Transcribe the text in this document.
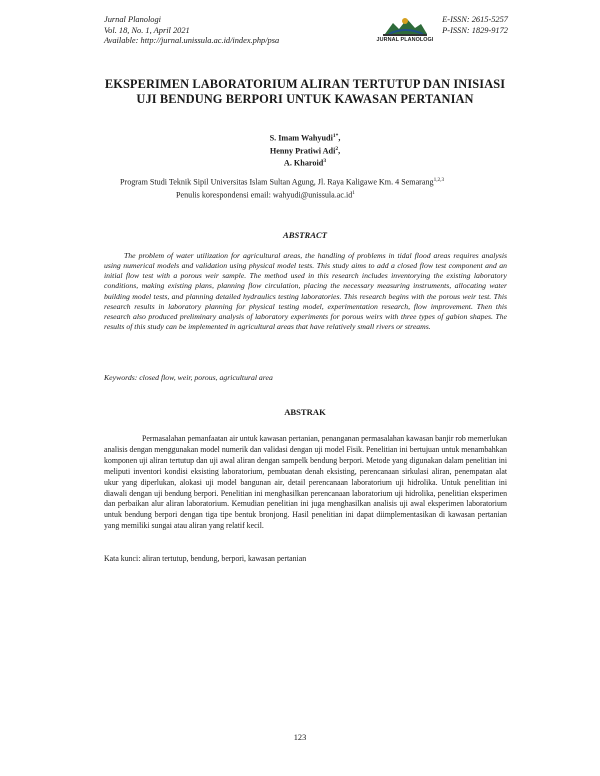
Jurnal Planologi
Vol. 18, No. 1, April 2021
Available: http://jurnal.unissula.ac.id/index.php/psa	JURNAL PLANOLOGI
E-ISSN: 2615-5257
P-ISSN: 1829-9172
EKSPERIMEN LABORATORIUM ALIRAN TERTUTUP DAN INISIASI UJI BENDUNG BERPORI UNTUK KAWASAN PERTANIAN
S. Imam Wahyudi$^{1*}$,
Henny Pratiwi Adi$^2$,
A. Kharoid$^3$
Program Studi Teknik Sipil Universitas Islam Sultan Agung, Jl. Raya Kaligawe Km. 4 Semarang$^{1,2,3}$
Penulis korespondensi email: $wahyudi@unissula.ac.id^1$
ABSTRACT

The problem of water utilization for agricultural areas, the handling of problems in tidal flood areas requires analysis using numerical models and validation using physical model tests. This study aims to add a closed flow test component and an initial flow test with a porous weir sample. The method used in this research includes inventorying the existing laboratory conditions, making existing plans, planning flow circulation, placing the necessary measuring instruments, allocating water building model tests, and planning detailed hydraulics testing laboratories. This research begins with the porous weir test. This research results in laboratory planning for physical testing model, experimentation research, flow improvement. Then this research also produced preliminary analysis of laboratory experiments for porous weirs with three types of gabion shapes. The results of this study can be implemented in agricultural areas that have relatively small rivers or streams.

Keywords: closed flow, weir, porous, agricultural area

ABSTRAK

Permasalahan pemanfaatan air untuk kawasan pertanian, penanganan permasalahan kawasan banjir rob memerlukan analisis dengan menggunakan model numerik dan validasi dengan uji model Fisik. Penelitian ini bertujuan untuk menambahkan komponen uji aliran tertutup dan uji awal aliran dengan sampelk bendung berpori. Metode yang digunakan dalam penelitian ini meliputi inventori kondisi eksisting laboratorium, pembuatan denah eksisting, perencanaan sirkulasi aliran, penempatan alat ukur yang diperlukan, alokasi uji model bangunan air, detail perencanaan laboratorium uji hidrolika. Untuk penelitian ini diawali dengan uji bendung berpori. Penelitian ini menghasilkan perencanaan laboratorium uji hidrolika, penelitian eksperimen dan perbaikan alur aliran laboratorium. Kemudian penelitian ini juga menghasilkan analisis uji awal eksperimen laboratorium untuk bendung berpori dengan tiga tipe bentuk bronjong. Hasil penelitian ini dapat diimplementasikan di kawasan pertanian yang memiliki sungai atau aliran yang relatif kecil.

Kata kunci: aliran tertutup, bendung, berpori, kawasan pertanian

123
